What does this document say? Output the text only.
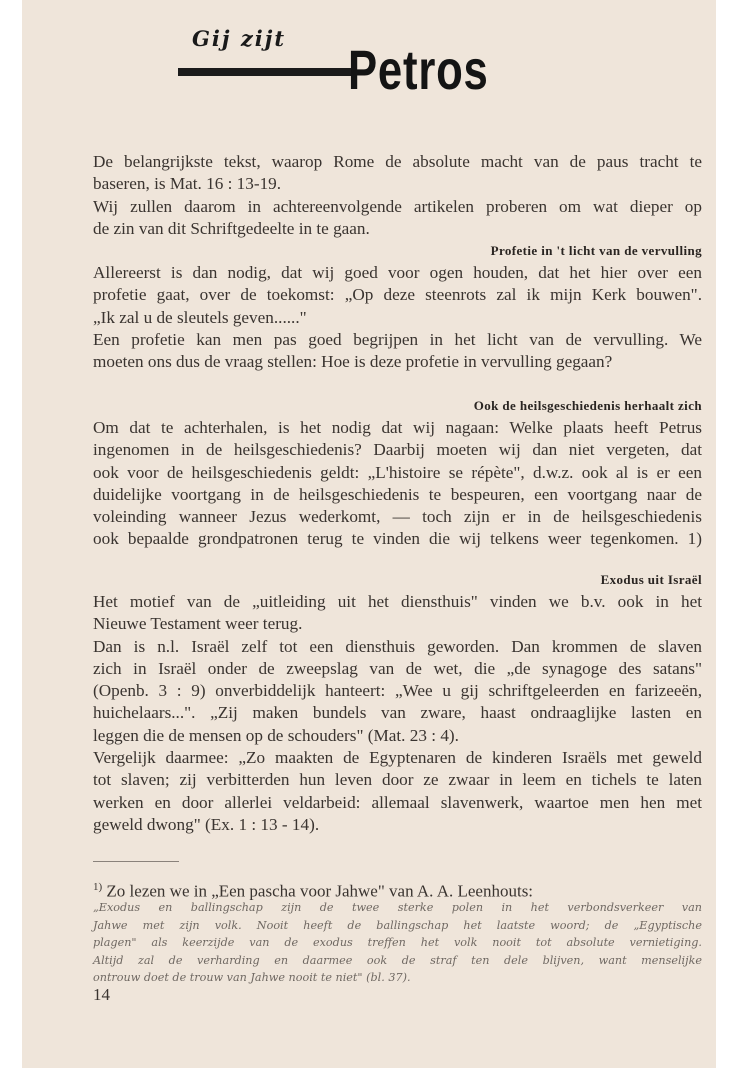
Gij zijt Petros
De belangrijkste tekst, waarop Rome de absolute macht van de paus tracht te
baseren, is Mat. 16 : 13-19.
Wij zullen daarom in achtereenvolgende artikelen proberen om wat dieper op
de zin van dit Schriftgedeelte in te gaan.
Profetie in 't licht van de vervulling
Allereerst is dan nodig, dat wij goed voor ogen houden, dat het hier over een
profetie gaat, over de toekomst: „Op deze steenrots zal ik mijn Kerk bouwen".
„Ik zal u de sleutels geven......"
Een profetie kan men pas goed begrijpen in het licht van de vervulling. We
moeten ons dus de vraag stellen: Hoe is deze profetie in vervulling gegaan?
Ook de heilsgeschiedenis herhaalt zich
Om dat te achterhalen, is het nodig dat wij nagaan: Welke plaats heeft Petrus
ingenomen in de heilsgeschiedenis? Daarbij moeten wij dan niet vergeten, dat
ook voor de heilsgeschiedenis geldt: „L'histoire se répète", d.w.z. ook al is er een
duidelijke voortgang in de heilsgeschiedenis te bespeuren, een voortgang naar de
voleinding wanneer Jezus wederkomt, — toch zijn er in de heilsgeschiedenis
ook bepaalde grondpatronen terug te vinden die wij telkens weer tegenkomen. 1)
Exodus uit Israël
Het motief van de „uitleiding uit het diensthuis" vinden we b.v. ook in het
Nieuwe Testament weer terug.
Dan is n.l. Israël zelf tot een diensthuis geworden. Dan krommen de slaven
zich in Israël onder de zweepslag van de wet, die „de synagoge des satans"
(Openb. 3 : 9) onverbiddelijk hanteert: „Wee u gij schriftgeleerden en farizeeën,
huichelaars...". „Zij maken bundels van zware, haast ondraaglijke lasten en
leggen die de mensen op de schouders" (Mat. 23 : 4).
Vergelijk daarmee: „Zo maakten de Egyptenaren de kinderen Israëls met geweld
tot slaven; zij verbitterden hun leven door ze zwaar in leem en tichels te laten
werken en door allerlei veldarbeid: allemaal slavenwerk, waartoe men hen met
geweld dwong" (Ex. 1 : 13 - 14).
$^{1)}$ Zo lezen we in „Een pascha voor Jahwe" van A. A. Leenhouts:
„Exodus en ballingschap zijn de twee sterke polen in het verbondsverkeer van
Jahwe met zijn volk. Nooit heeft de ballingschap het laatste woord; de „Egyptische
plagen" als keerzijde van de exodus treffen het volk nooit tot absolute vernietiging.
Altijd zal de verharding en daarmee ook de straf ten dele blijven, want menselijke
ontrouw doet de trouw van Jahwe nooit te niet" (bl. 37).
14
